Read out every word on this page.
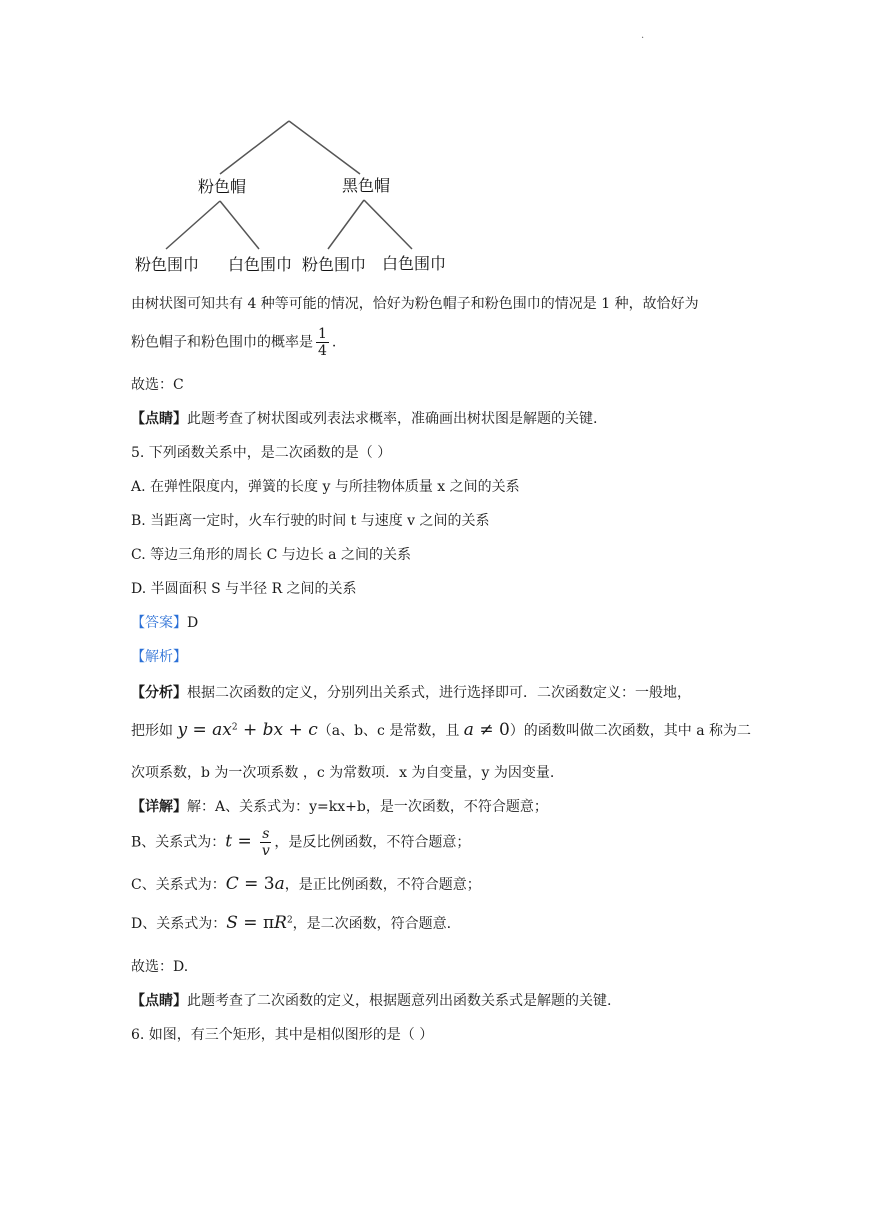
.
粉色帽	黑色帽
粉色围巾 白色围巾 粉色围巾 白色围巾
由树状图可知共有 4 种等可能的情况，恰好为粉色帽子和粉色围巾的情况是 1 种，故恰好为
粉色帽子和粉色围巾的概率是 $\frac{1}{4}$ .
故选：C
【点睛】此题考查了树状图或列表法求概率，准确画出树状图是解题的关键.
5. 下列函数关系中，是二次函数的是（ ）
A. 在弹性限度内，弹簧的长度 y 与所挂物体质量 x 之间的关系
B. 当距离一定时，火车行驶的时间 t 与速度 v 之间的关系
C. 等边三角形的周长 C 与边长 a 之间的关系
D. 半圆面积 S 与半径 R 之间的关系
【答案】D
【解析】
【分析】根据二次函数的定义，分别列出关系式，进行选择即可．二次函数定义：一般地，
把形如 $y = ax^2$ + bx + c（a、b、c 是常数，且 a ≠ 0）的函数叫做二次函数，其中 a 称为二
次项系数，b 为一次项系数 ，c 为常数项．x 为自变量，y 为因变量.
【详解】解：A、关系式为：y=kx+b，是一次函数，不符合题意；
B、关系式为：$t = \frac{s}{v}$ ，是反比例函数，不符合题意；
C、关系式为：C = 3a，是正比例函数，不符合题意；
D、关系式为：$S = \pi R^2$，是二次函数，符合题意.
故选：D.
【点睛】此题考查了二次函数的定义，根据题意列出函数关系式是解题的关键.
6. 如图，有三个矩形，其中是相似图形的是（ ）
